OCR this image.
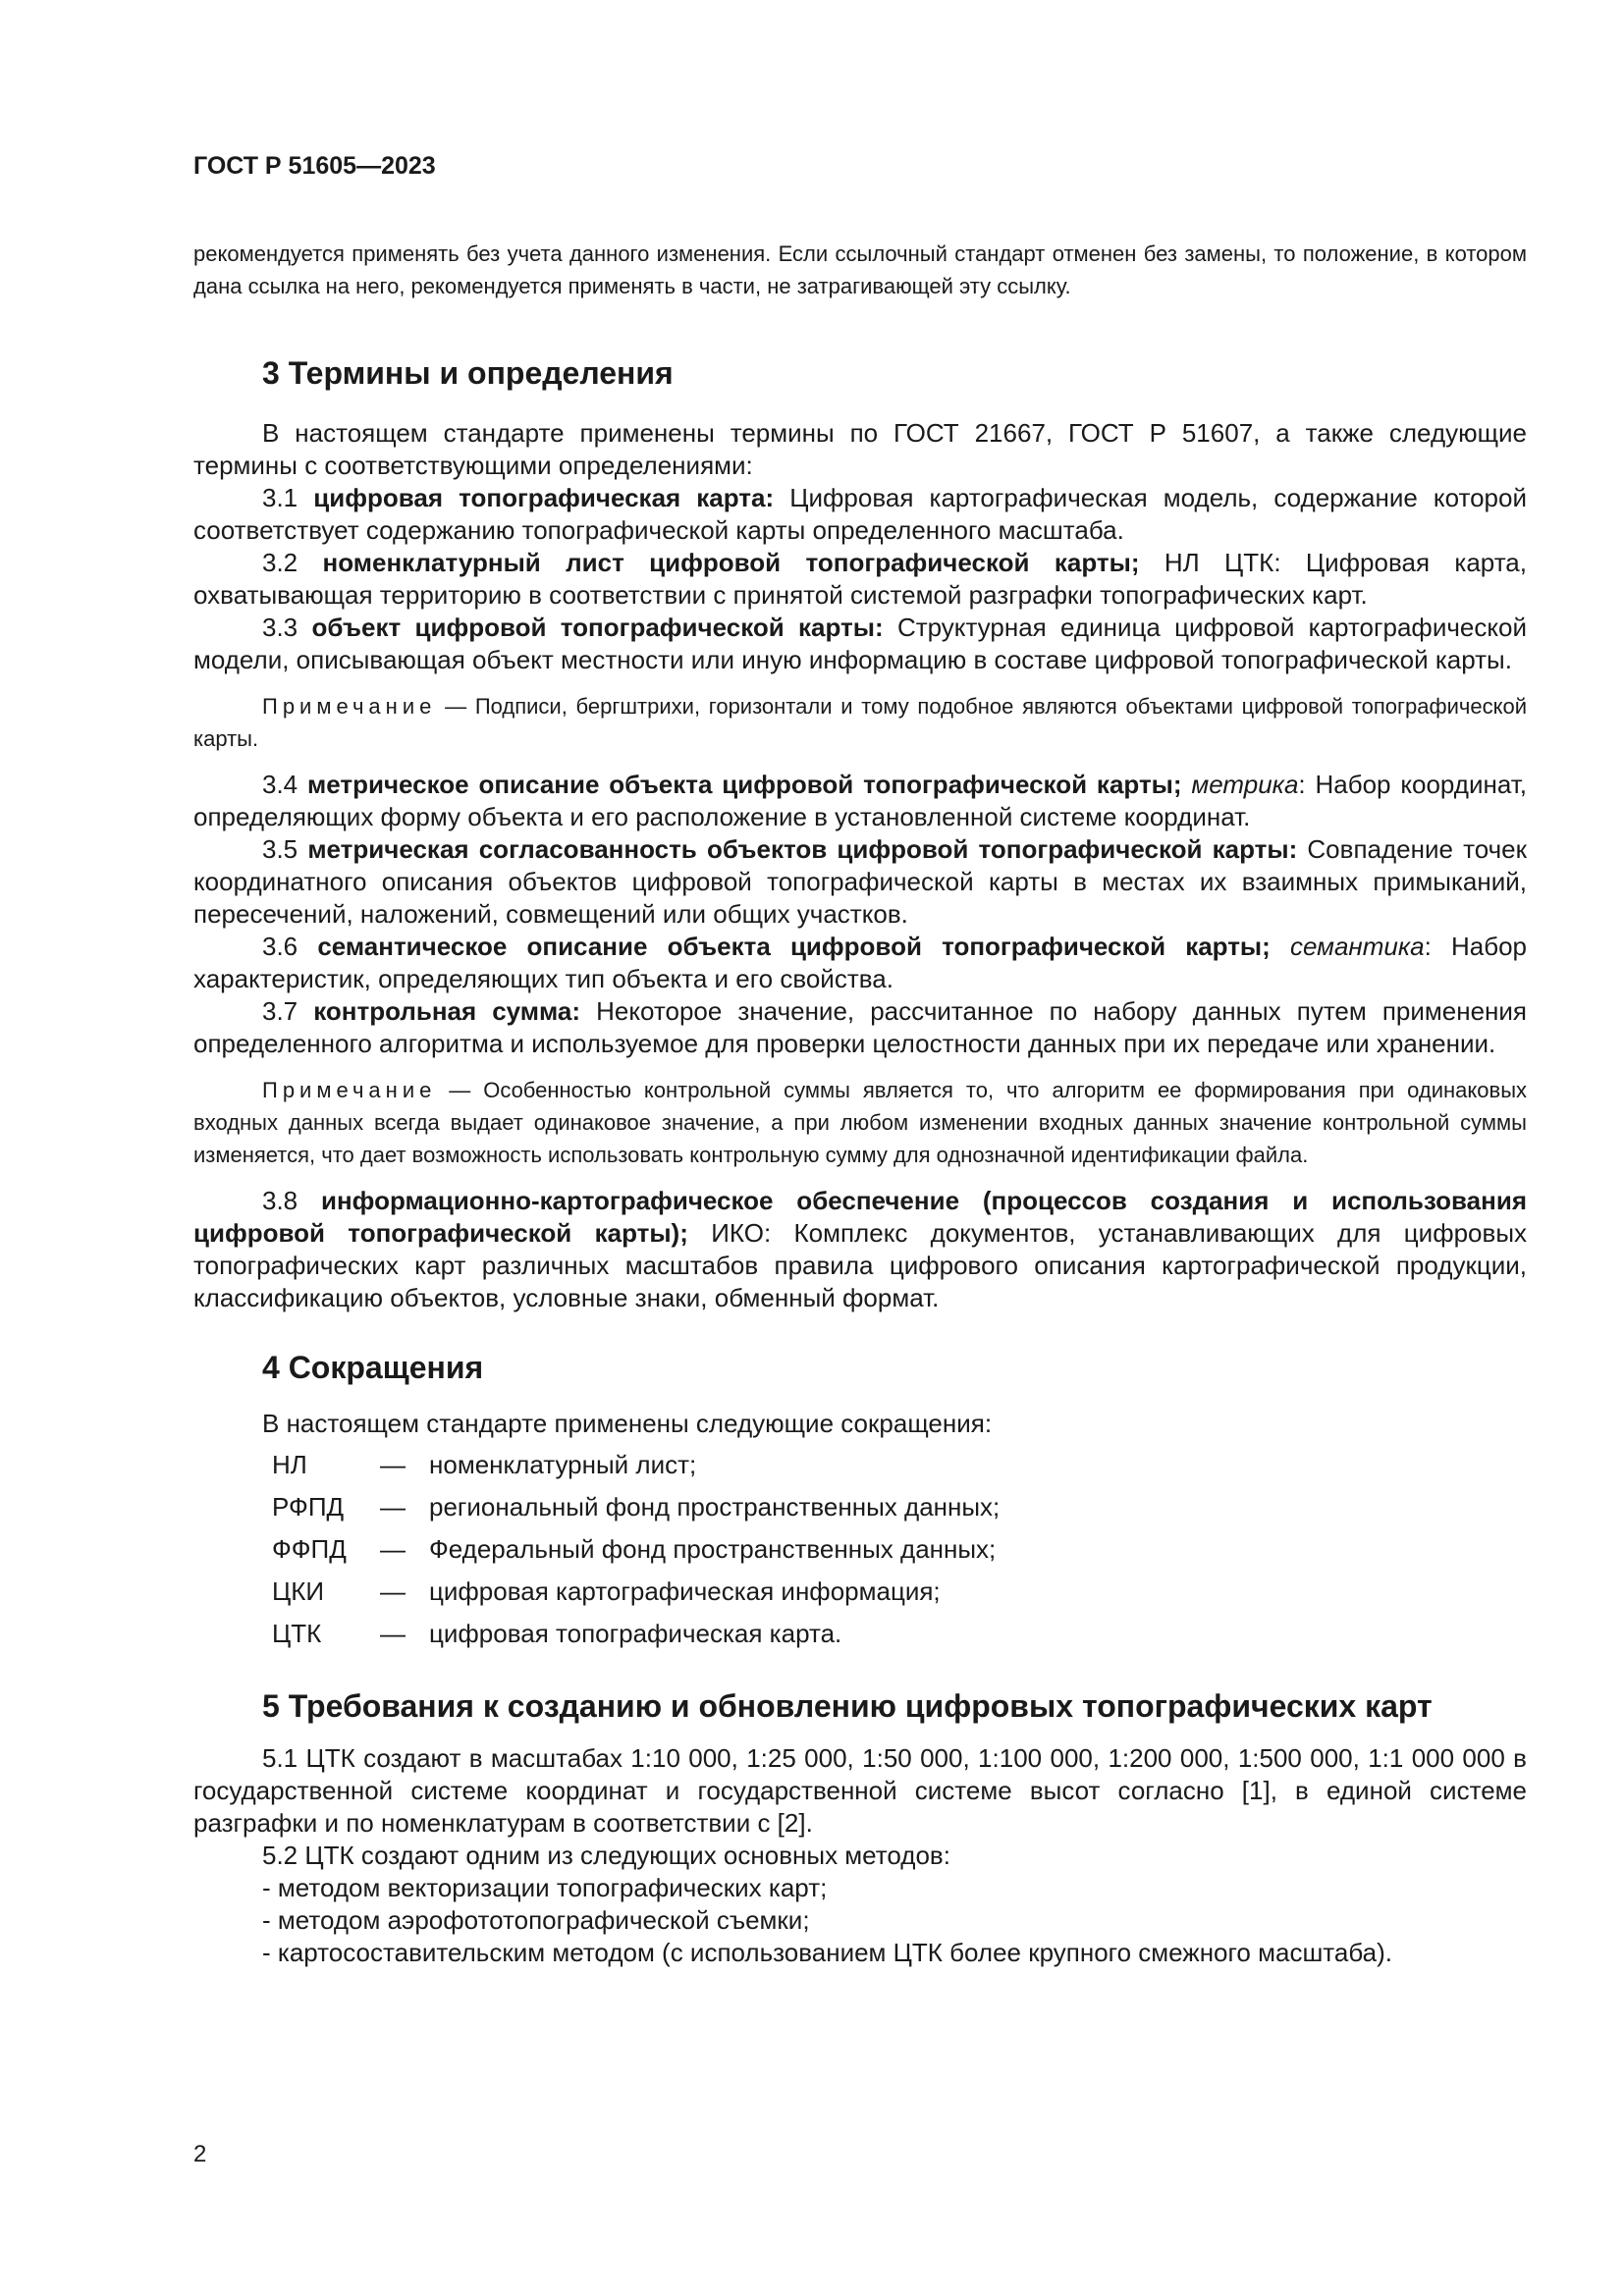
ГОСТ Р 51605—2023

рекомендуется применять без учета данного изменения. Если ссылочный стандарт отменен без замены, то положение, в котором дана ссылка на него, рекомендуется применять в части, не затрагивающей эту ссылку.

3 Термины и определения

В настоящем стандарте применены термины по ГОСТ 21667, ГОСТ Р 51607, а также следующие термины с соответствующими определениями:

3.1 цифровая топографическая карта: Цифровая картографическая модель, содержание которой соответствует содержанию топографической карты определенного масштаба.

3.2 номенклатурный лист цифровой топографической карты; НЛ ЦТК: Цифровая карта, охватывающая территорию в соответствии с принятой системой разграфки топографических карт.

3.3 объект цифровой топографической карты: Структурная единица цифровой картографической модели, описывающая объект местности или иную информацию в составе цифровой топографической карты.

Примечание — Подписи, бергштрихи, горизонтали и тому подобное являются объектами цифровой топографической карты.

3.4 метрическое описание объекта цифровой топографической карты; метрика: Набор координат, определяющих форму объекта и его расположение в установленной системе координат.

3.5 метрическая согласованность объектов цифровой топографической карты: Совпадение точек координатного описания объектов цифровой топографической карты в местах их взаимных примыканий, пересечений, наложений, совмещений или общих участков.

3.6 семантическое описание объекта цифровой топографической карты; семантика: Набор характеристик, определяющих тип объекта и его свойства.

3.7 контрольная сумма: Некоторое значение, рассчитанное по набору данных путем применения определенного алгоритма и используемое для проверки целостности данных при их передаче или хранении.

Примечание — Особенностью контрольной суммы является то, что алгоритм ее формирования при одинаковых входных данных всегда выдает одинаковое значение, а при любом изменении входных данных значение контрольной суммы изменяется, что дает возможность использовать контрольную сумму для однозначной идентификации файла.

3.8 информационно-картографическое обеспечение (процессов создания и использования цифровой топографической карты); ИКО: Комплекс документов, устанавливающих для цифровых топографических карт различных масштабов правила цифрового описания картографической продукции, классификацию объектов, условные знаки, обменный формат.

4 Сокращения

В настоящем стандарте применены следующие сокращения:

НЛ	— номенклатурный лист;
РФПД	— региональный фонд пространственных данных;
ФФПД	— Федеральный фонд пространственных данных;
ЦКИ	— цифровая картографическая информация;
ЦТК	— цифровая топографическая карта.
5 Требования к созданию и обновлению цифровых топографических карт

5.1 ЦТК создают в масштабах 1:10 000, 1:25 000, 1:50 000, 1:100 000, 1:200 000, 1:500 000, 1:1 000 000 в государственной системе координат и государственной системе высот согласно [1], в единой системе разграфки и по номенклатурам в соответствии с [2].

5.2 ЦТК создают одним из следующих основных методов:

- методом векторизации топографических карт;

- методом аэрофототопографической съемки;

- картосоставительским методом (с использованием ЦТК более крупного смежного масштаба).

2
